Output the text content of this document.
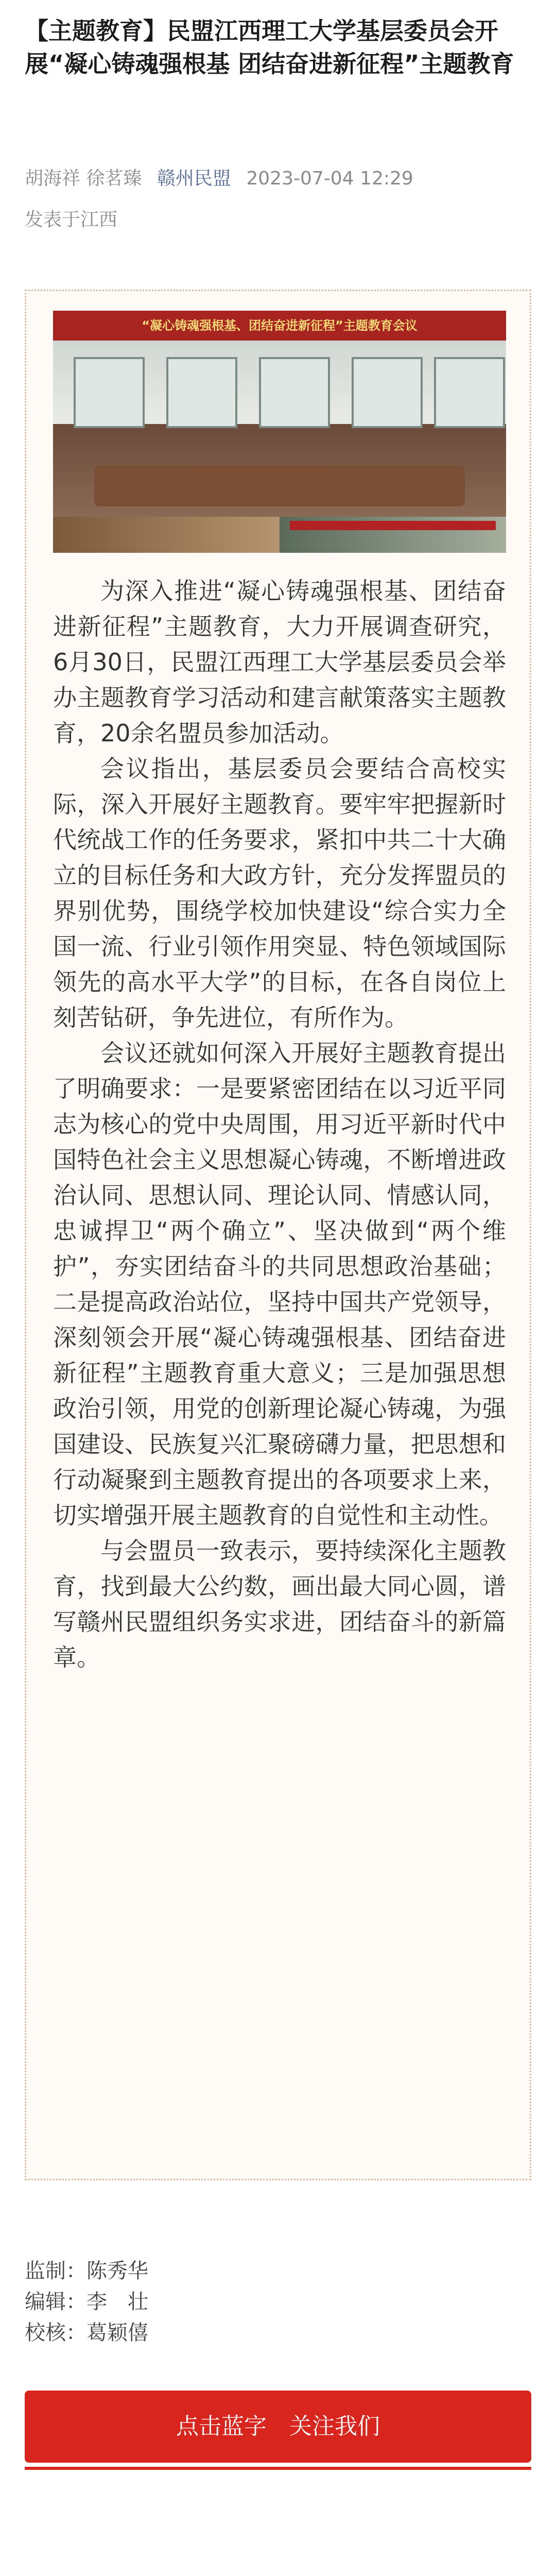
【主题教育】民盟江西理工大学基层委员会开展“凝心铸魂强根基 团结奋进新征程”主题教育
胡海祥 徐茗臻 赣州民盟 2023-07-04 12:29
发表于江西
“凝心铸魂强根基、团结奋进新征程”主题教育会议

为深入推进“凝心铸魂强根基、团结奋进新征程”主题教育，大力开展调查研究，6月30日，民盟江西理工大学基层委员会举办主题教育学习活动和建言献策落实主题教育，20余名盟员参加活动。

会议指出，基层委员会要结合高校实际，深入开展好主题教育。要牢牢把握新时代统战工作的任务要求，紧扣中共二十大确立的目标任务和大政方针，充分发挥盟员的界别优势，围绕学校加快建设“综合实力全国一流、行业引领作用突显、特色领域国际领先的高水平大学”的目标，在各自岗位上刻苦钻研，争先进位，有所作为。

会议还就如何深入开展好主题教育提出了明确要求：一是要紧密团结在以习近平同志为核心的党中央周围，用习近平新时代中国特色社会主义思想凝心铸魂，不断增进政治认同、思想认同、理论认同、情感认同，忠诚捍卫“两个确立”、坚决做到“两个维护”，夯实团结奋斗的共同思想政治基础；二是提高政治站位，坚持中国共产党领导，深刻领会开展“凝心铸魂强根基、团结奋进新征程”主题教育重大意义；三是加强思想政治引领，用党的创新理论凝心铸魂，为强国建设、民族复兴汇聚磅礴力量，把思想和行动凝聚到主题教育提出的各项要求上来，切实增强开展主题教育的自觉性和主动性。

与会盟员一致表示，要持续深化主题教育，找到最大公约数，画出最大同心圆，谱写赣州民盟组织务实求进，团结奋斗的新篇章。

监制：陈秀华
编辑：李　壮
校核：葛颖僖
点击蓝字　关注我们
